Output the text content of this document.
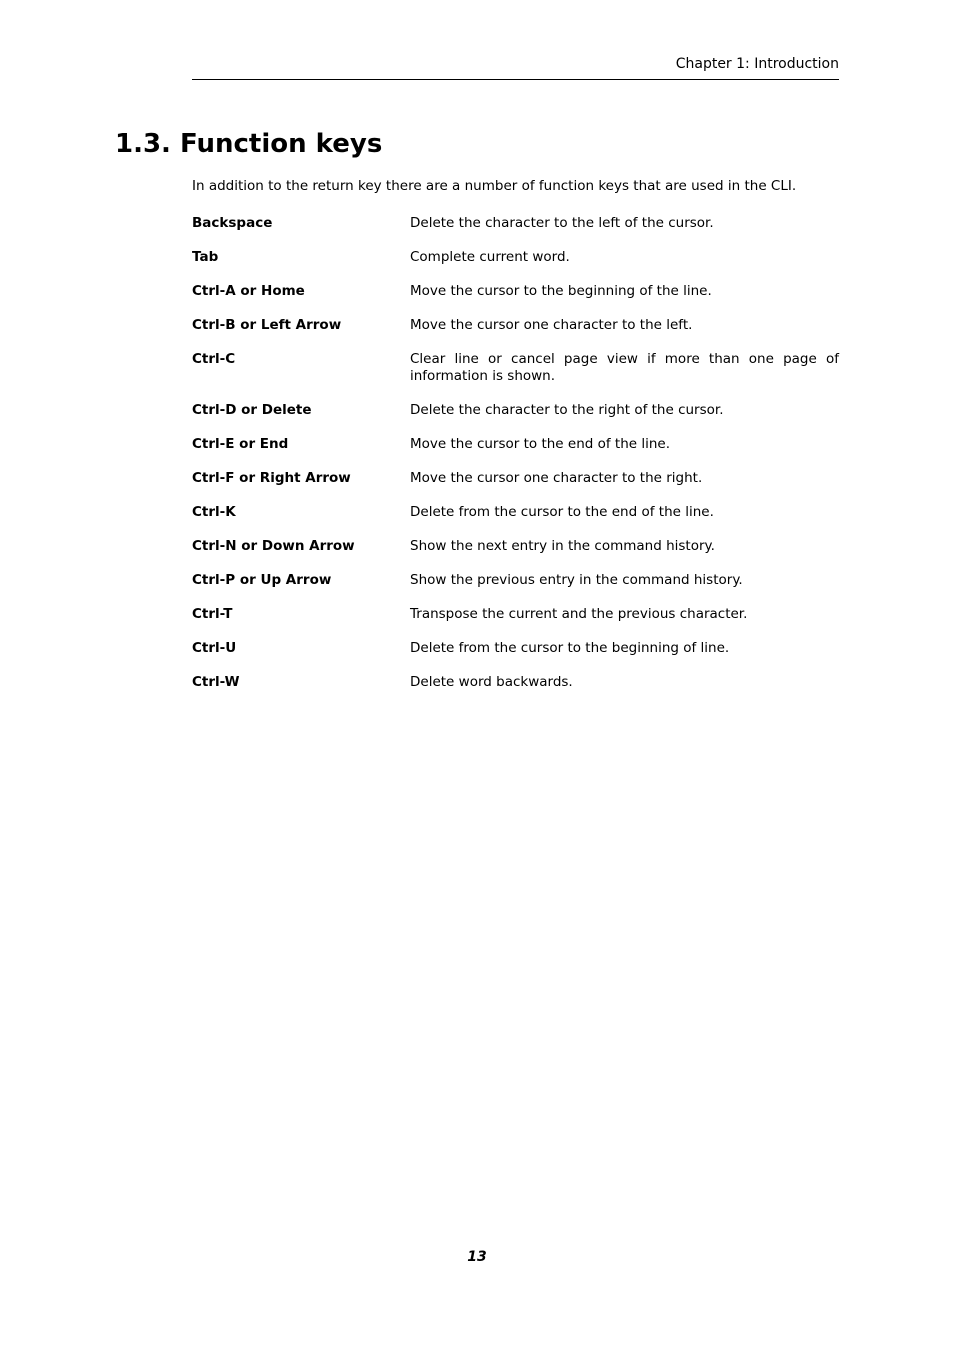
Chapter 1: Introduction
1.3. Function keys

In addition to the return key there are a number of function keys that are used in the CLI.

Backspace	Delete the character to the left of the cursor.
Tab	Complete current word.
Ctrl-A or Home	Move the cursor to the beginning of the line.
Ctrl-B or Left Arrow	Move the cursor one character to the left.
Ctrl-C	Clear line or cancel page view if more than one page of information is shown.
Ctrl-D or Delete	Delete the character to the right of the cursor.
Ctrl-E or End	Move the cursor to the end of the line.
Ctrl-F or Right Arrow	Move the cursor one character to the right.
Ctrl-K	Delete from the cursor to the end of the line.
Ctrl-N or Down Arrow	Show the next entry in the command history.
Ctrl-P or Up Arrow	Show the previous entry in the command history.
Ctrl-T	Transpose the current and the previous character.
Ctrl-U	Delete from the cursor to the beginning of line.
Ctrl-W	Delete word backwards.
13
